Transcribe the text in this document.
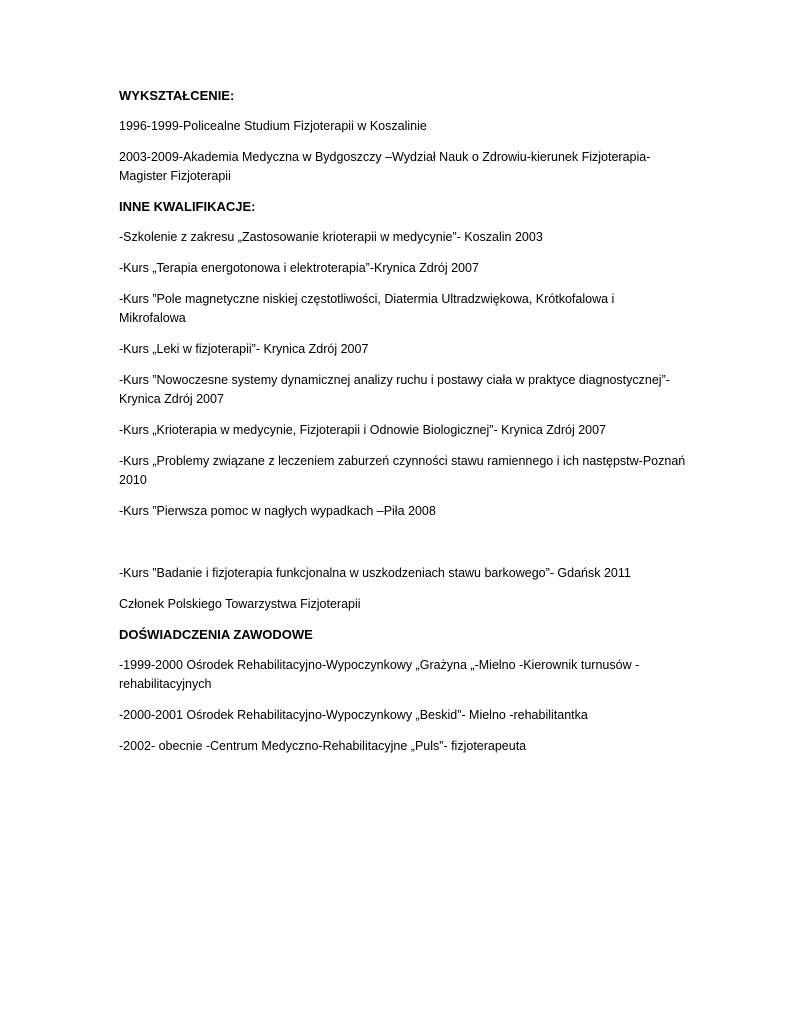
WYKSZTAŁCENIE:
1996-1999-Policealne Studium Fizjoterapii w Koszalinie
2003-2009-Akademia Medyczna w Bydgoszczy –Wydział Nauk o Zdrowiu-kierunek Fizjoterapia-
Magister Fizjoterapii
INNE KWALIFIKACJE:
-Szkolenie z zakresu „Zastosowanie krioterapii w medycynie”- Koszalin 2003
-Kurs „Terapia energotonowa i elektroterapia”-Krynica Zdrój 2007
-Kurs ”Pole magnetyczne niskiej częstotliwości, Diatermia Ultradzwiękowa, Krótkofalowa i
Mikrofalowa
-Kurs „Leki w fizjoterapii”- Krynica Zdrój 2007
-Kurs ”Nowoczesne systemy dynamicznej analizy ruchu i postawy ciała w praktyce diagnostycznej”-
Krynica Zdrój 2007
-Kurs „Krioterapia w medycynie, Fizjoterapii i Odnowie Biologicznej”- Krynica Zdrój 2007
-Kurs „Problemy związane z leczeniem zaburzeń czynności stawu ramiennego i ich następstw-Poznań
2010
-Kurs ”Pierwsza pomoc w nagłych wypadkach –Piła 2008
-Kurs ”Badanie i fizjoterapia funkcjonalna w uszkodzeniach stawu barkowego”- Gdańsk 2011
Członek Polskiego Towarzystwa Fizjoterapii
DOŚWIADCZENIA ZAWODOWE
-1999-2000 Ośrodek Rehabilitacyjno-Wypoczynkowy „Grażyna „-Mielno -Kierownik turnusów -
rehabilitacyjnych
-2000-2001 Ośrodek Rehabilitacyjno-Wypoczynkowy „Beskid”- Mielno -rehabilitantka
-2002- obecnie -Centrum Medyczno-Rehabilitacyjne „Puls”- fizjoterapeuta
